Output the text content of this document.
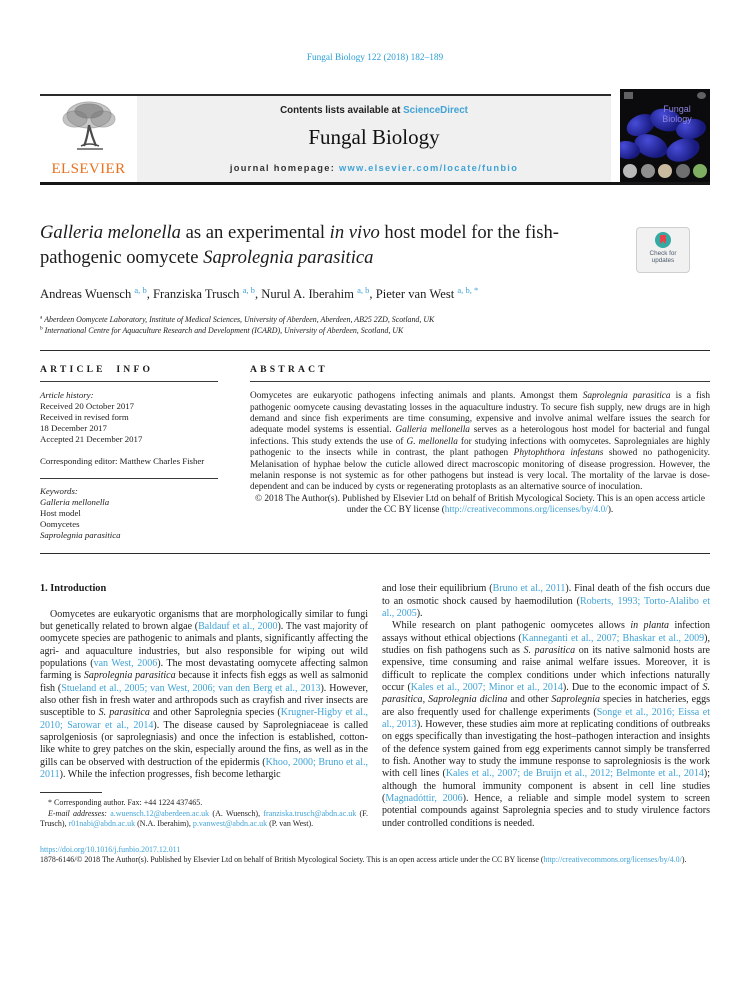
Fungal Biology 122 (2018) 182–189
ELSEVIER
Contents lists available at ScienceDirect
Fungal Biology
journal homepage: www.elsevier.com/locate/funbio
Fungal Biology
Galleria melonella as an experimental in vivo host model for the fish-pathogenic oomycete Saprolegnia parasitica	Check for
updates
Andreas Wuensch $^{a, b}$, Franziska Trusch $^{a, b}$, Nurul A. Iberahim $^{a, b}$, Pieter van West $^{a, b, *}$
$^a$ Aberdeen Oomycete Laboratory, Institute of Medical Sciences, University of Aberdeen, Aberdeen, AB25 2ZD, Scotland, UK
$^b$ International Centre for Aquaculture Research and Development (ICARD), University of Aberdeen, Scotland, UK
ARTICLE INFO
Article history:
Received 20 October 2017
Received in revised form
18 December 2017
Accepted 21 December 2017
Corresponding editor: Matthew Charles Fisher
Keywords:
Galleria mellonella
Host model
Oomycetes
Saprolegnia parasitica
ABSTRACT
Oomycetes are eukaryotic pathogens infecting animals and plants. Amongst them Saprolegnia parasitica is a fish pathogenic oomycete causing devastating losses in the aquaculture industry. To secure fish supply, new drugs are in high demand and since fish experiments are time consuming, expensive and involve animal welfare issues the search for adequate model systems is essential. Galleria mellonella serves as a heterologous host model for bacterial and fungal infections. This study extends the use of G. mellonella for studying infections with oomycetes. Saprolegniales are highly pathogenic to the insects while in contrast, the plant pathogen Phytophthora infestans showed no pathogenicity. Melanisation of hyphae below the cuticle allowed direct macroscopic monitoring of disease progression. However, the melanin response is not systemic as for other pathogens but instead is very local. The mortality of the larvae is dose-dependent and can be induced by cysts or regenerating protoplasts as an alternative source of inoculation.
© 2018 The Author(s). Published by Elsevier Ltd on behalf of British Mycological Society. This is an open access article under the CC BY license (http://creativecommons.org/licenses/by/4.0/).
1. Introduction

Oomycetes are eukaryotic organisms that are morphologically similar to fungi but genetically related to brown algae (Baldauf et al., 2000). The vast majority of oomycete species are pathogenic to animals and plants, significantly affecting the agri- and aquaculture industries, but also responsible for wiping out wild populations (van West, 2006). The most devastating oomycete affecting salmon farming is Saprolegnia parasitica because it infects fish eggs as well as salmonid fish (Stueland et al., 2005; van West, 2006; van den Berg et al., 2013). However, also other fish in fresh water and arthropods such as crayfish and river insects are susceptible to S. parasitica and other Saprolegnia species (Krugner-Higby et al., 2010; Sarowar et al., 2014). The disease caused by Saprolegniaceae is called saprolgeniosis (or saprolegniasis) and once the infection is established, cotton-like white to grey patches on the skin, especially around the fins, as well as in the gills can be observed with destruction of the epidermis (Khoo, 2000; Bruno et al., 2011). While the infection progresses, fish become lethargic

* Corresponding author. Fax: +44 1224 437465.

E-mail addresses: a.wuensch.12@aberdeen.ac.uk (A. Wuensch), franziska.trusch@abdn.ac.uk (F. Trusch), r01nabi@abdn.ac.uk (N.A. Iberahim), p.vanwest@abdn.ac.uk (P. van West).

and lose their equilibrium (Bruno et al., 2011). Final death of the fish occurs due to an osmotic shock caused by haemodilution (Roberts, 1993; Torto-Alalibo et al., 2005).

While research on plant pathogenic oomycetes allows in planta infection assays without ethical objections (Kanneganti et al., 2007; Bhaskar et al., 2009), studies on fish pathogens such as S. parasitica on its native salmonid hosts are expensive, time consuming and raise animal welfare issues. Moreover, it is difficult to replicate the complex conditions under which infections naturally occur (Kales et al., 2007; Minor et al., 2014). Due to the economic impact of S. parasitica, Saprolegnia diclina and other Saprolegnia species in hatcheries, eggs are also frequently used for challenge experiments (Songe et al., 2016; Eissa et al., 2013). However, these studies aim more at replicating conditions of outbreaks on eggs specifically than investigating the host–pathogen interaction and insights of the defence system gained from egg experiments cannot simply be transferred to fish. Another way to study the immune response to saprolegniosis is the work with cell lines (Kales et al., 2007; de Bruijn et al., 2012; Belmonte et al., 2014); although the humoral immunity component is absent in cell line studies (Magnadóttir, 2006). Hence, a reliable and simple model system to screen potential compounds against Saprolegnia species and to study virulence factors under controlled conditions is needed.

https://doi.org/10.1016/j.funbio.2017.12.011
1878-6146/© 2018 The Author(s). Published by Elsevier Ltd on behalf of British Mycological Society. This is an open access article under the CC BY license (http://creativecommons.org/licenses/by/4.0/).
